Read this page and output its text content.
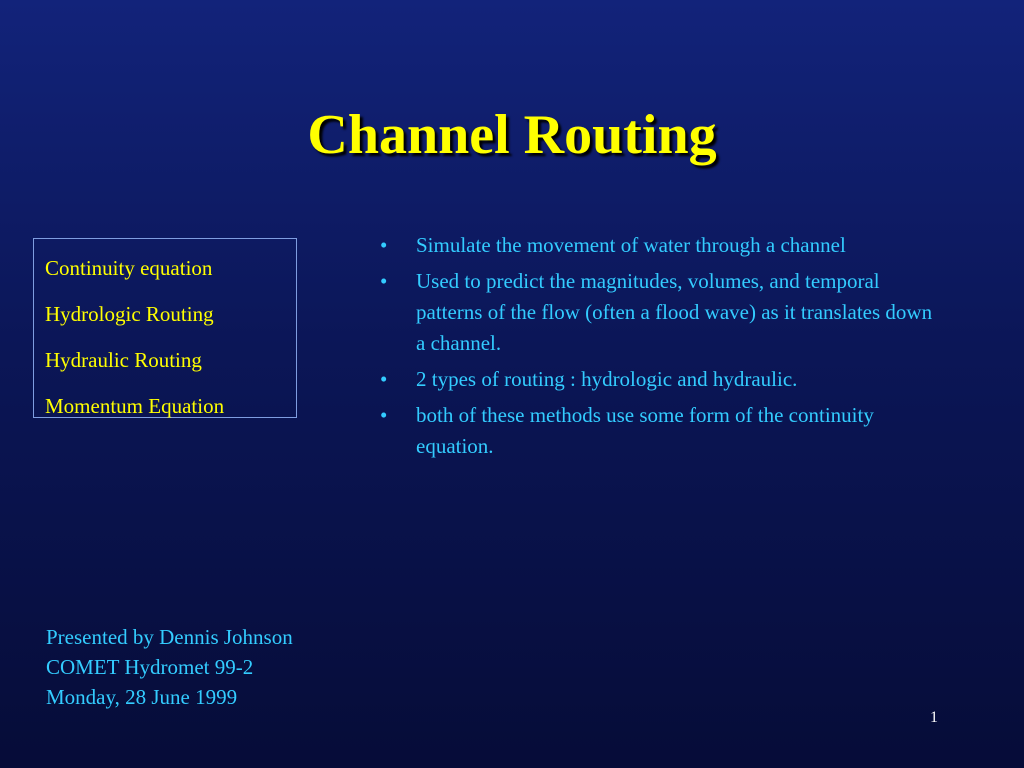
Channel Routing
Continuity equation
Hydrologic Routing
Hydraulic Routing
Momentum Equation
• Simulate the movement of water through a channel
• Used to predict the magnitudes, volumes, and temporal patterns of the flow (often a flood wave) as it translates down a channel.
• 2 types of routing : hydrologic and hydraulic.
• both of these methods use some form of the continuity equation.
Presented by Dennis Johnson
COMET Hydromet 99-2
Monday, 28 June 1999
1
